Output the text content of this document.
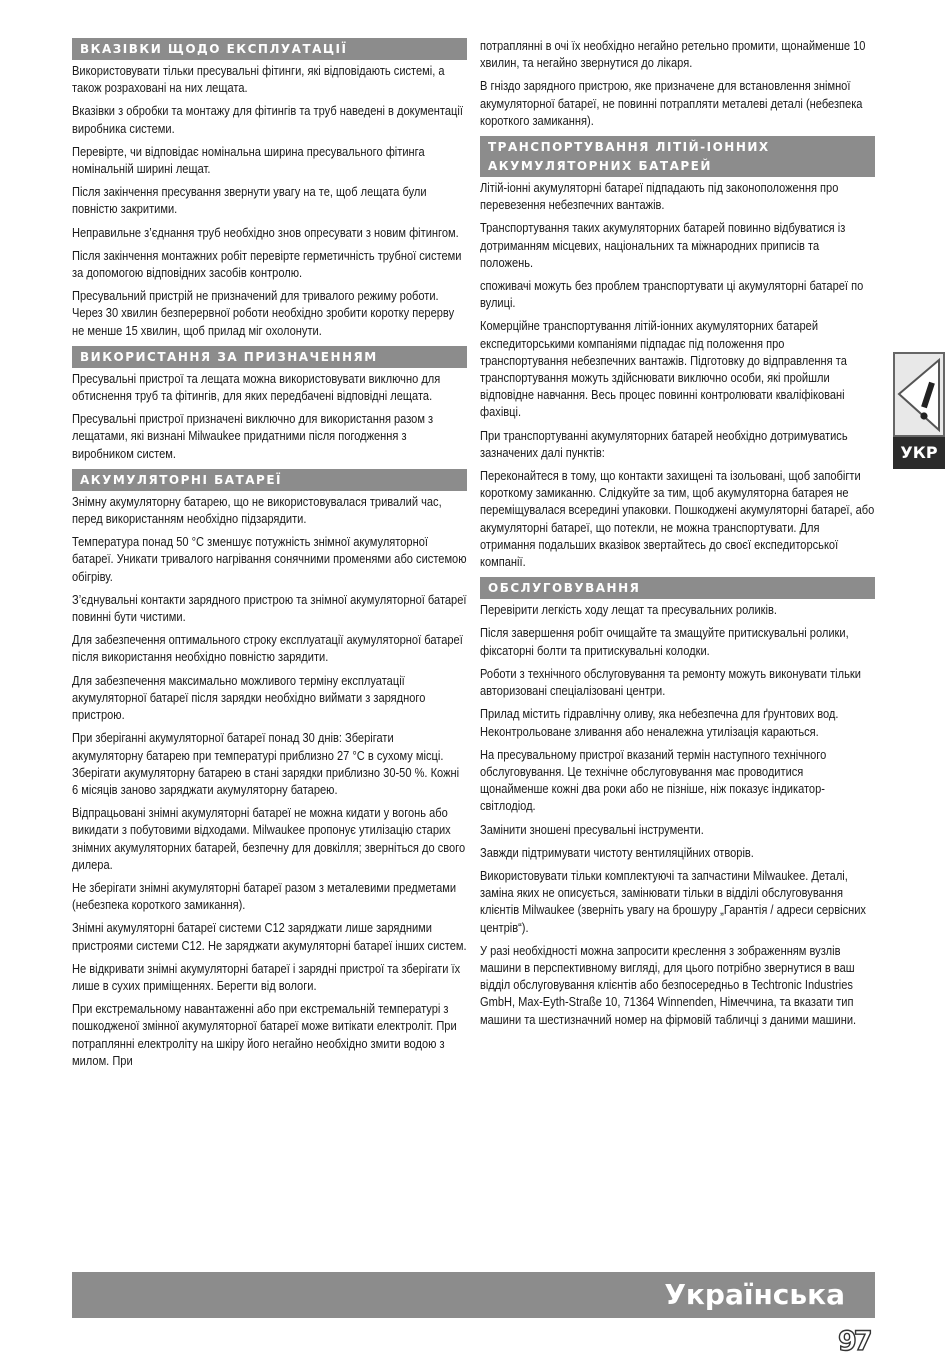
ВКАЗІВКИ ЩОДО ЕКСПЛУАТАЦІЇ

Використовувати тільки пресувальні фітинги, які відповідають системі, а також розраховані на них лещата.

Вказівки з обробки та монтажу для фітингів та труб наведені в документації виробника системи.

Перевірте, чи відповідає номінальна ширина пресувального фітинга номінальній ширині лещат.

Після закінчення пресування звернути увагу на те, щоб лещата були повністю закритими.

Неправильне з’єднання труб необхідно знов опресувати з новим фітингом.

Після закінчення монтажних робіт перевірте герметичність трубної системи за допомогою відповідних засобів контролю.

Пресувальний пристрій не призначений для тривалого режиму роботи. Через 30 хвилин безперервної роботи необхідно зробити коротку перерву не менше 15 хвилин, щоб прилад міг охолонути.

ВИКОРИСТАННЯ ЗА ПРИЗНАЧЕННЯМ

Пресувальні пристрої та лещата можна використовувати виключно для обтиснення труб та фітингів, для яких передбачені відповідні лещата.

Пресувальні пристрої призначені виключно для використання разом з лещатами, які визнані Milwaukee придатними після погодження з виробником систем.

АКУМУЛЯТОРНІ БАТАРЕЇ

Знімну акумуляторну батарею, що не використовувалася тривалий час, перед використанням необхідно підзарядити.

Температура понад 50 °C зменшує потужність знімної акумуляторної батареї. Уникати тривалого нагрівання сонячними променями або системою обігріву.

З’єднувальні контакти зарядного пристрою та знімної акумуляторної батареї повинні бути чистими.

Для забезпечення оптимального строку експлуатації акумуляторної батареї після використання необхідно повністю зарядити.

Для забезпечення максимально можливого терміну експлуатації акумуляторної батареї після зарядки необхідно виймати з зарядного пристрою.

При зберіганні акумуляторної батареї понад 30 днів: Зберігати акумуляторну батарею при температурі приблизно 27 °C в сухому місці. Зберігати акумуляторну батарею в стані зарядки приблизно 30-50 %. Кожні 6 місяців заново заряджати акумуляторну батарею.

Відпрацьовані знімні акумуляторні батареї не можна кидати у вогонь або викидати з побутовими відходами. Milwaukee пропонує утилізацію старих знімних акумуляторних батарей, безпечну для довкілля; зверніться до свого дилера.

Не зберігати знімні акумуляторні батареї разом з металевими предметами (небезпека короткого замикання).

Знімні акумуляторні батареї системи C12 заряджати лише зарядними пристроями системи C12. Не заряджати акумуляторні батареї інших систем.

Не відкривати знімні акумуляторні батареї і зарядні пристрої та зберігати їх лише в сухих приміщеннях. Берегти від вологи.

При екстремальному навантаженні або при екстремальній температурі з пошкодженої змінної акумуляторної батареї може витікати електроліт. При потраплянні електроліту на шкіру його негайно необхідно змити водою з милом. При

потраплянні в очі їх необхідно негайно ретельно промити, щонайменше 10 хвилин, та негайно звернутися до лікаря.

В гніздо зарядного пристрою, яке призначене для встановлення знімної акумуляторної батареї, не повинні потрапляти металеві деталі (небезпека короткого замикання).

ТРАНСПОРТУВАННЯ ЛІТІЙ-ІОННИХ АКУМУЛЯТОРНИХ БАТАРЕЙ

Літій-іонні акумуляторні батареї підпадають під законоположення про перевезення небезпечних вантажів.

Транспортування таких акумуляторних батарей повинно відбуватися із дотриманням місцевих, національних та міжнародних приписів та положень.

споживачі можуть без проблем транспортувати ці акумуляторні батареї по вулиці.

Комерційне транспортування літій-іонних акумуляторних батарей експедиторськими компаніями підпадає під положення про транспортування небезпечних вантажів. Підготовку до відправлення та транспортування можуть здійснювати виключно особи, які пройшли відповідне навчання. Весь процес повинні контролювати кваліфіковані фахівці.

При транспортуванні акумуляторних батарей необхідно дотримуватись зазначених далі пунктів:

Переконайтеся в тому, що контакти захищені та ізольовані, щоб запобігти короткому замиканню. Слідкуйте за тим, щоб акумуляторна батарея не переміщувалася всередині упаковки. Пошкоджені акумуляторні батареї, або акумуляторні батареї, що потекли, не можна транспортувати. Для отримання подальших вказівок звертайтесь до своєї експедиторської компанії.

ОБСЛУГОВУВАННЯ

Перевірити легкість ходу лещат та пресувальних роликів.

Після завершення робіт очищайте та змащуйте притискувальні ролики, фіксаторні болти та притискувальні колодки.

Роботи з технічного обслуговування та ремонту можуть виконувати тільки авторизовані спеціалізовані центри.

Прилад містить гідравлічну оливу, яка небезпечна для ґрунтових вод. Неконтрольоване зливання або неналежна утилізація караються.

На пресувальному пристрої вказаний термін наступного технічного обслуговування. Це технічне обслуговування має проводитися щонайменше кожні два роки або не пізніше, ніж показує індикатор-світлодіод.

Замінити зношені пресувальні інструменти.

Завжди підтримувати чистоту вентиляційних отворів.

Використовувати тільки комплектуючі та запчастини Milwaukee. Деталі, заміна яких не описується, замінювати тільки в відділі обслуговування клієнтів Milwaukee (зверніть увагу на брошуру „Гарантія / адреси сервісних центрів“).

У разі необхідності можна запросити креслення з зображенням вузлів машини в перспективному вигляді, для цього потрібно звернутися в ваш відділ обслуговування клієнтів або безпосередньо в Techtronic Industries GmbH, Max-Eyth-Straße 10, 71364 Winnenden, Німеччина, та вказати тип машини та шестизначний номер на фірмовій табличці з даними машини.

УКР
Українська
97
